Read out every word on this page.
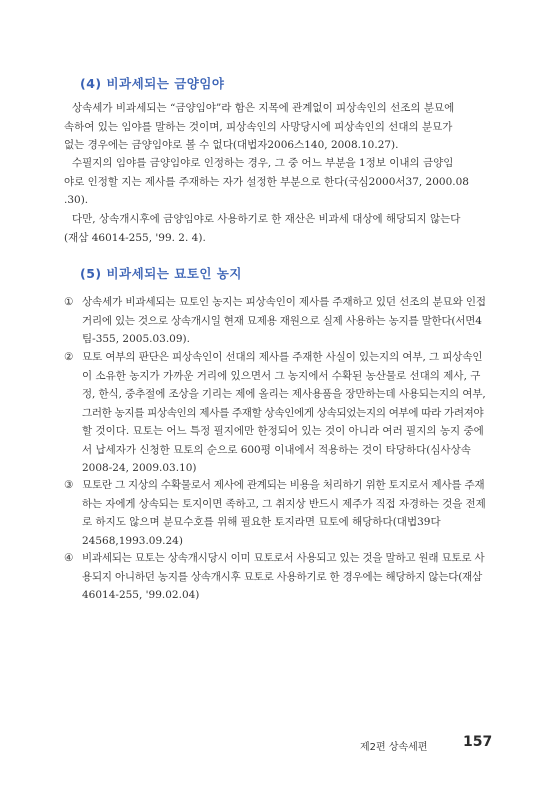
(4) 비과세되는 금양임야
상속세가 비과세되는 “금양임야”라 함은 지목에 관계없이 피상속인의 선조의 분묘에
속하여 있는 임야를 말하는 것이며, 피상속인의 사망당시에 피상속인의 선대의 분묘가
없는 경우에는 금양임야로 볼 수 없다(대법자2006스140, 2008.10.27).
수필지의 임야를 금양임야로 인정하는 경우, 그 중 어느 부분을 1정보 이내의 금양임
야로 인정할 지는 제사를 주재하는 자가 설정한 부분으로 한다(국심2000서37, 2000.08
.30).
다만, 상속개시후에 금양임야로 사용하기로 한 재산은 비과세 대상에 해당되지 않는다
(재삼 46014-255, '99. 2. 4).
(5) 비과세되는 묘토인 농지
① 상속세가 비과세되는 묘토인 농지는 피상속인이 제사를 주재하고 있던 선조의 분묘와 인접
거리에 있는 것으로 상속개시일 현재 묘제용 재원으로 실제 사용하는 농지를 말한다(서면4
팀-355, 2005.03.09).
② 묘토 여부의 판단은 피상속인이 선대의 제사를 주재한 사실이 있는지의 여부, 그 피상속인
이 소유한 농지가 가까운 거리에 있으면서 그 농지에서 수확된 농산물로 선대의 제사, 구
정, 한식, 중추절에 조상을 기리는 제에 올리는 제사용품을 장만하는데 사용되는지의 여부,
그러한 농지를 피상속인의 제사를 주재할 상속인에게 상속되었는지의 여부에 따라 가려져야
할 것이다. 묘토는 어느 특정 필지에만 한정되어 있는 것이 아니라 여러 필지의 농지 중에
서 납세자가 신청한 묘토의 순으로 600평 이내에서 적용하는 것이 타당하다(심사상속
2008-24, 2009.03.10)
③ 묘토란 그 지상의 수확물로서 제사에 관계되는 비용을 처리하기 위한 토지로서 제사를 주재
하는 자에게 상속되는 토지이면 족하고, 그 취지상 반드시 제주가 직접 자경하는 것을 전제
로 하지도 않으며 분묘수호를 위해 필요한 토지라면 묘토에 해당하다(대법39다
24568,1993.09.24)
④ 비과세되는 묘토는 상속개시당시 이미 묘토로서 사용되고 있는 것을 말하고 원래 묘토로 사
용되지 아니하던 농지를 상속개시후 묘토로 사용하기로 한 경우에는 해당하지 않는다(재삼
46014-255, '99.02.04)
제2편 상속세편	157
